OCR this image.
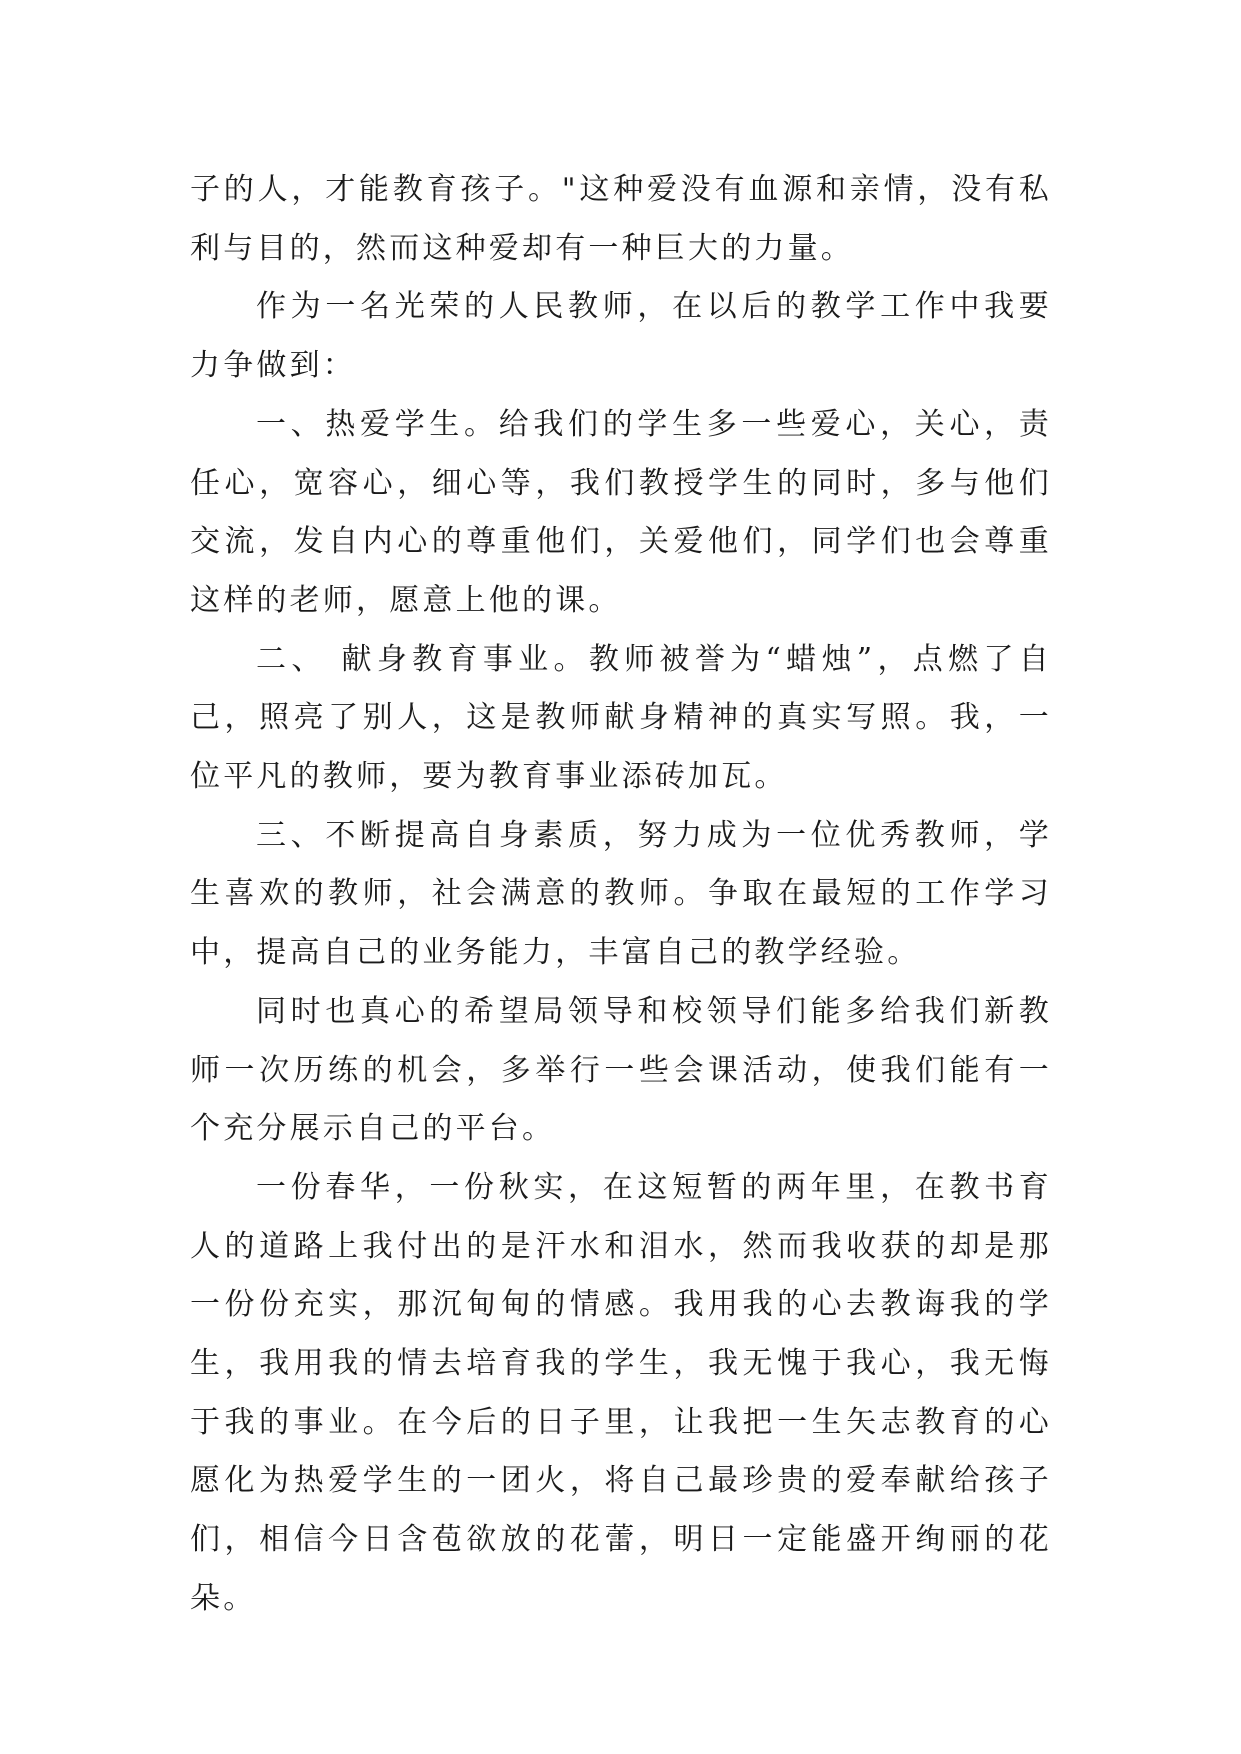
子的人，才能教育孩子。"这种爱没有血源和亲情，没有私利与目的，然而这种爱却有一种巨大的力量。

作为一名光荣的人民教师，在以后的教学工作中我要力争做到：

一、热爱学生。给我们的学生多一些爱心，关心，责任心，宽容心，细心等，我们教授学生的同时，多与他们交流，发自内心的尊重他们，关爱他们，同学们也会尊重这样的老师，愿意上他的课。

二、 献身教育事业。教师被誉为“蜡烛”，点燃了自己，照亮了别人，这是教师献身精神的真实写照。我，一位平凡的教师，要为教育事业添砖加瓦。

三、不断提高自身素质，努力成为一位优秀教师，学生喜欢的教师，社会满意的教师。争取在最短的工作学习中，提高自己的业务能力，丰富自己的教学经验。

同时也真心的希望局领导和校领导们能多给我们新教师一次历练的机会，多举行一些会课活动，使我们能有一个充分展示自己的平台。

一份春华，一份秋实，在这短暂的两年里，在教书育人的道路上我付出的是汗水和泪水，然而我收获的却是那一份份充实，那沉甸甸的情感。我用我的心去教诲我的学生，我用我的情去培育我的学生，我无愧于我心，我无悔于我的事业。在今后的日子里，让我把一生矢志教育的心愿化为热爱学生的一团火，将自己最珍贵的爱奉献给孩子们，相信今日含苞欲放的花蕾，明日一定能盛开绚丽的花朵。
